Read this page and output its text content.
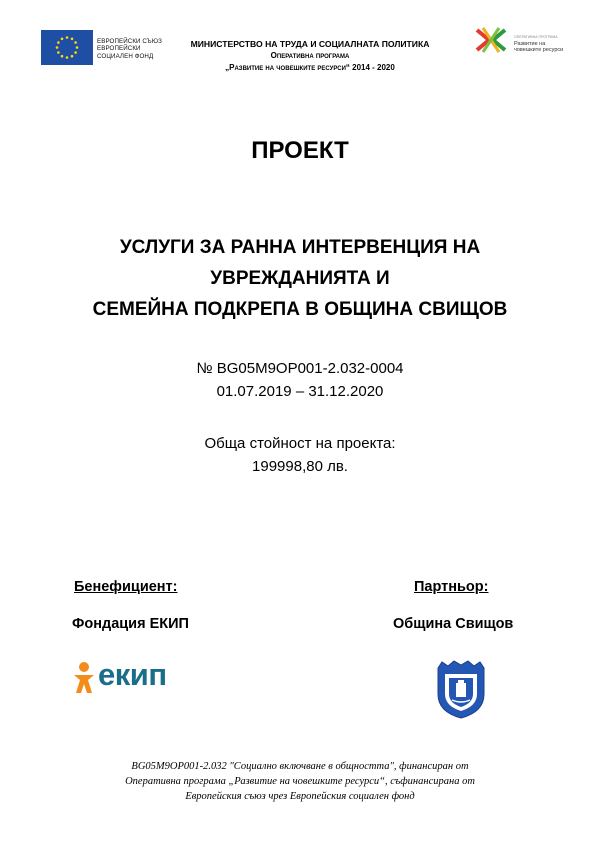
ЕВРОПЕЙСКИ СЪЮЗ
ЕВРОПЕЙСКИ
СОЦИАЛЕН ФОНД
МИНИСТЕРСТВО НА ТРУДА И СОЦИАЛНАТА ПОЛИТИКА
Оперативна програма
„Развитие на човешките ресурси“ 2014 - 2020
ОПЕРАТИВНА ПРОГРАМА
Развитие на
човешките ресурси
ПРОЕКТ
УСЛУГИ ЗА РАННА ИНТЕРВЕНЦИЯ НА
УВРЕЖДАНИЯТА И
СЕМЕЙНА ПОДКРЕПА В ОБЩИНА СВИЩОВ
№ BG05M9OP001-2.032-0004
01.07.2019 – 31.12.2020
Обща стойност на проекта:
199998,80 лв.
Бенефициент:
Фондация ЕКИП
екип
Партньор:
Община Свищов
BG05M9OP001-2.032 "Социално включване в общността", финансиран от
Оперативна програма „Развитие на човешките ресурси“, съфинансирана от
Европейския съюз чрез Европейския социален фонд
